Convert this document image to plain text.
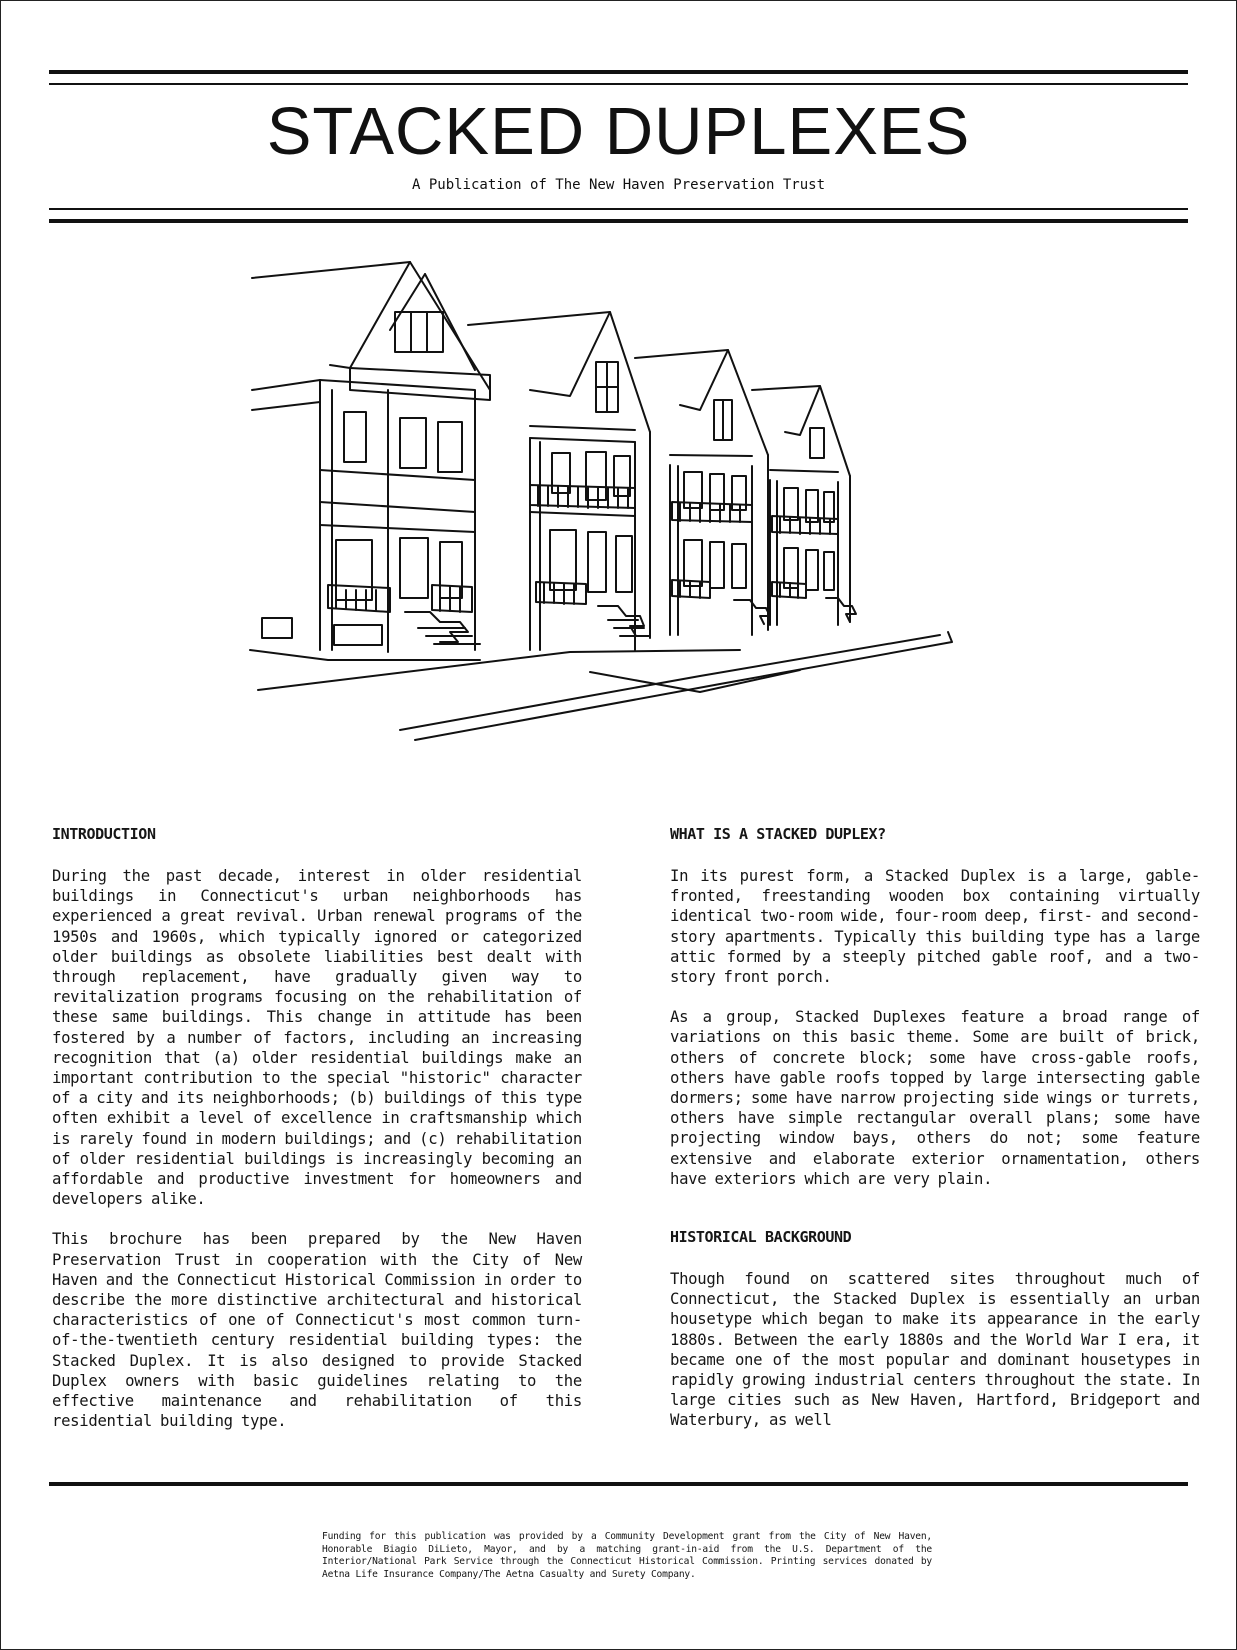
STACKED DUPLEXES
A Publication of The New Haven Preservation Trust
INTRODUCTION

During the past decade, interest in older residential buildings in Connecticut's urban neighborhoods has experienced a great revival. Urban renewal programs of the 1950s and 1960s, which typically ignored or categorized older buildings as obsolete liabilities best dealt with through replacement, have gradually given way to revitalization programs focusing on the rehabilitation of these same buildings. This change in attitude has been fostered by a number of factors, including an increasing recognition that (a) older residential buildings make an important contribution to the special "historic" character of a city and its neighborhoods; (b) buildings of this type often exhibit a level of excellence in craftsmanship which is rarely found in modern buildings; and (c) rehabilitation of older residential buildings is increasingly becoming an affordable and productive investment for homeowners and developers alike.

This brochure has been prepared by the New Haven Preservation Trust in cooperation with the City of New Haven and the Connecticut Historical Commission in order to describe the more distinctive architectural and historical characteristics of one of Connecticut's most common turn-of-the-twentieth century residential building types: the Stacked Duplex. It is also designed to provide Stacked Duplex owners with basic guidelines relating to the effective maintenance and rehabilitation of this residential building type.

WHAT IS A STACKED DUPLEX?

In its purest form, a Stacked Duplex is a large, gable-fronted, freestanding wooden box containing virtually identical two-room wide, four-room deep, first- and second-story apartments. Typically this building type has a large attic formed by a steeply pitched gable roof, and a two-story front porch.

As a group, Stacked Duplexes feature a broad range of variations on this basic theme. Some are built of brick, others of concrete block; some have cross-gable roofs, others have gable roofs topped by large intersecting gable dormers; some have narrow projecting side wings or turrets, others have simple rectangular overall plans; some have projecting window bays, others do not; some feature extensive and elaborate exterior ornamentation, others have exteriors which are very plain.

HISTORICAL BACKGROUND

Though found on scattered sites throughout much of Connecticut, the Stacked Duplex is essentially an urban housetype which began to make its appearance in the early 1880s. Between the early 1880s and the World War I era, it became one of the most popular and dominant housetypes in rapidly growing industrial centers throughout the state. In large cities such as New Haven, Hartford, Bridgeport and Waterbury, as well

Funding for this publication was provided by a Community Development grant from the City of New Haven, Honorable Biagio DiLieto, Mayor, and by a matching grant-in-aid from the U.S. Department of the Interior/National Park Service through the Connecticut Historical Commission. Printing services donated by Aetna Life Insurance Company/The Aetna Casualty and Surety Company.
